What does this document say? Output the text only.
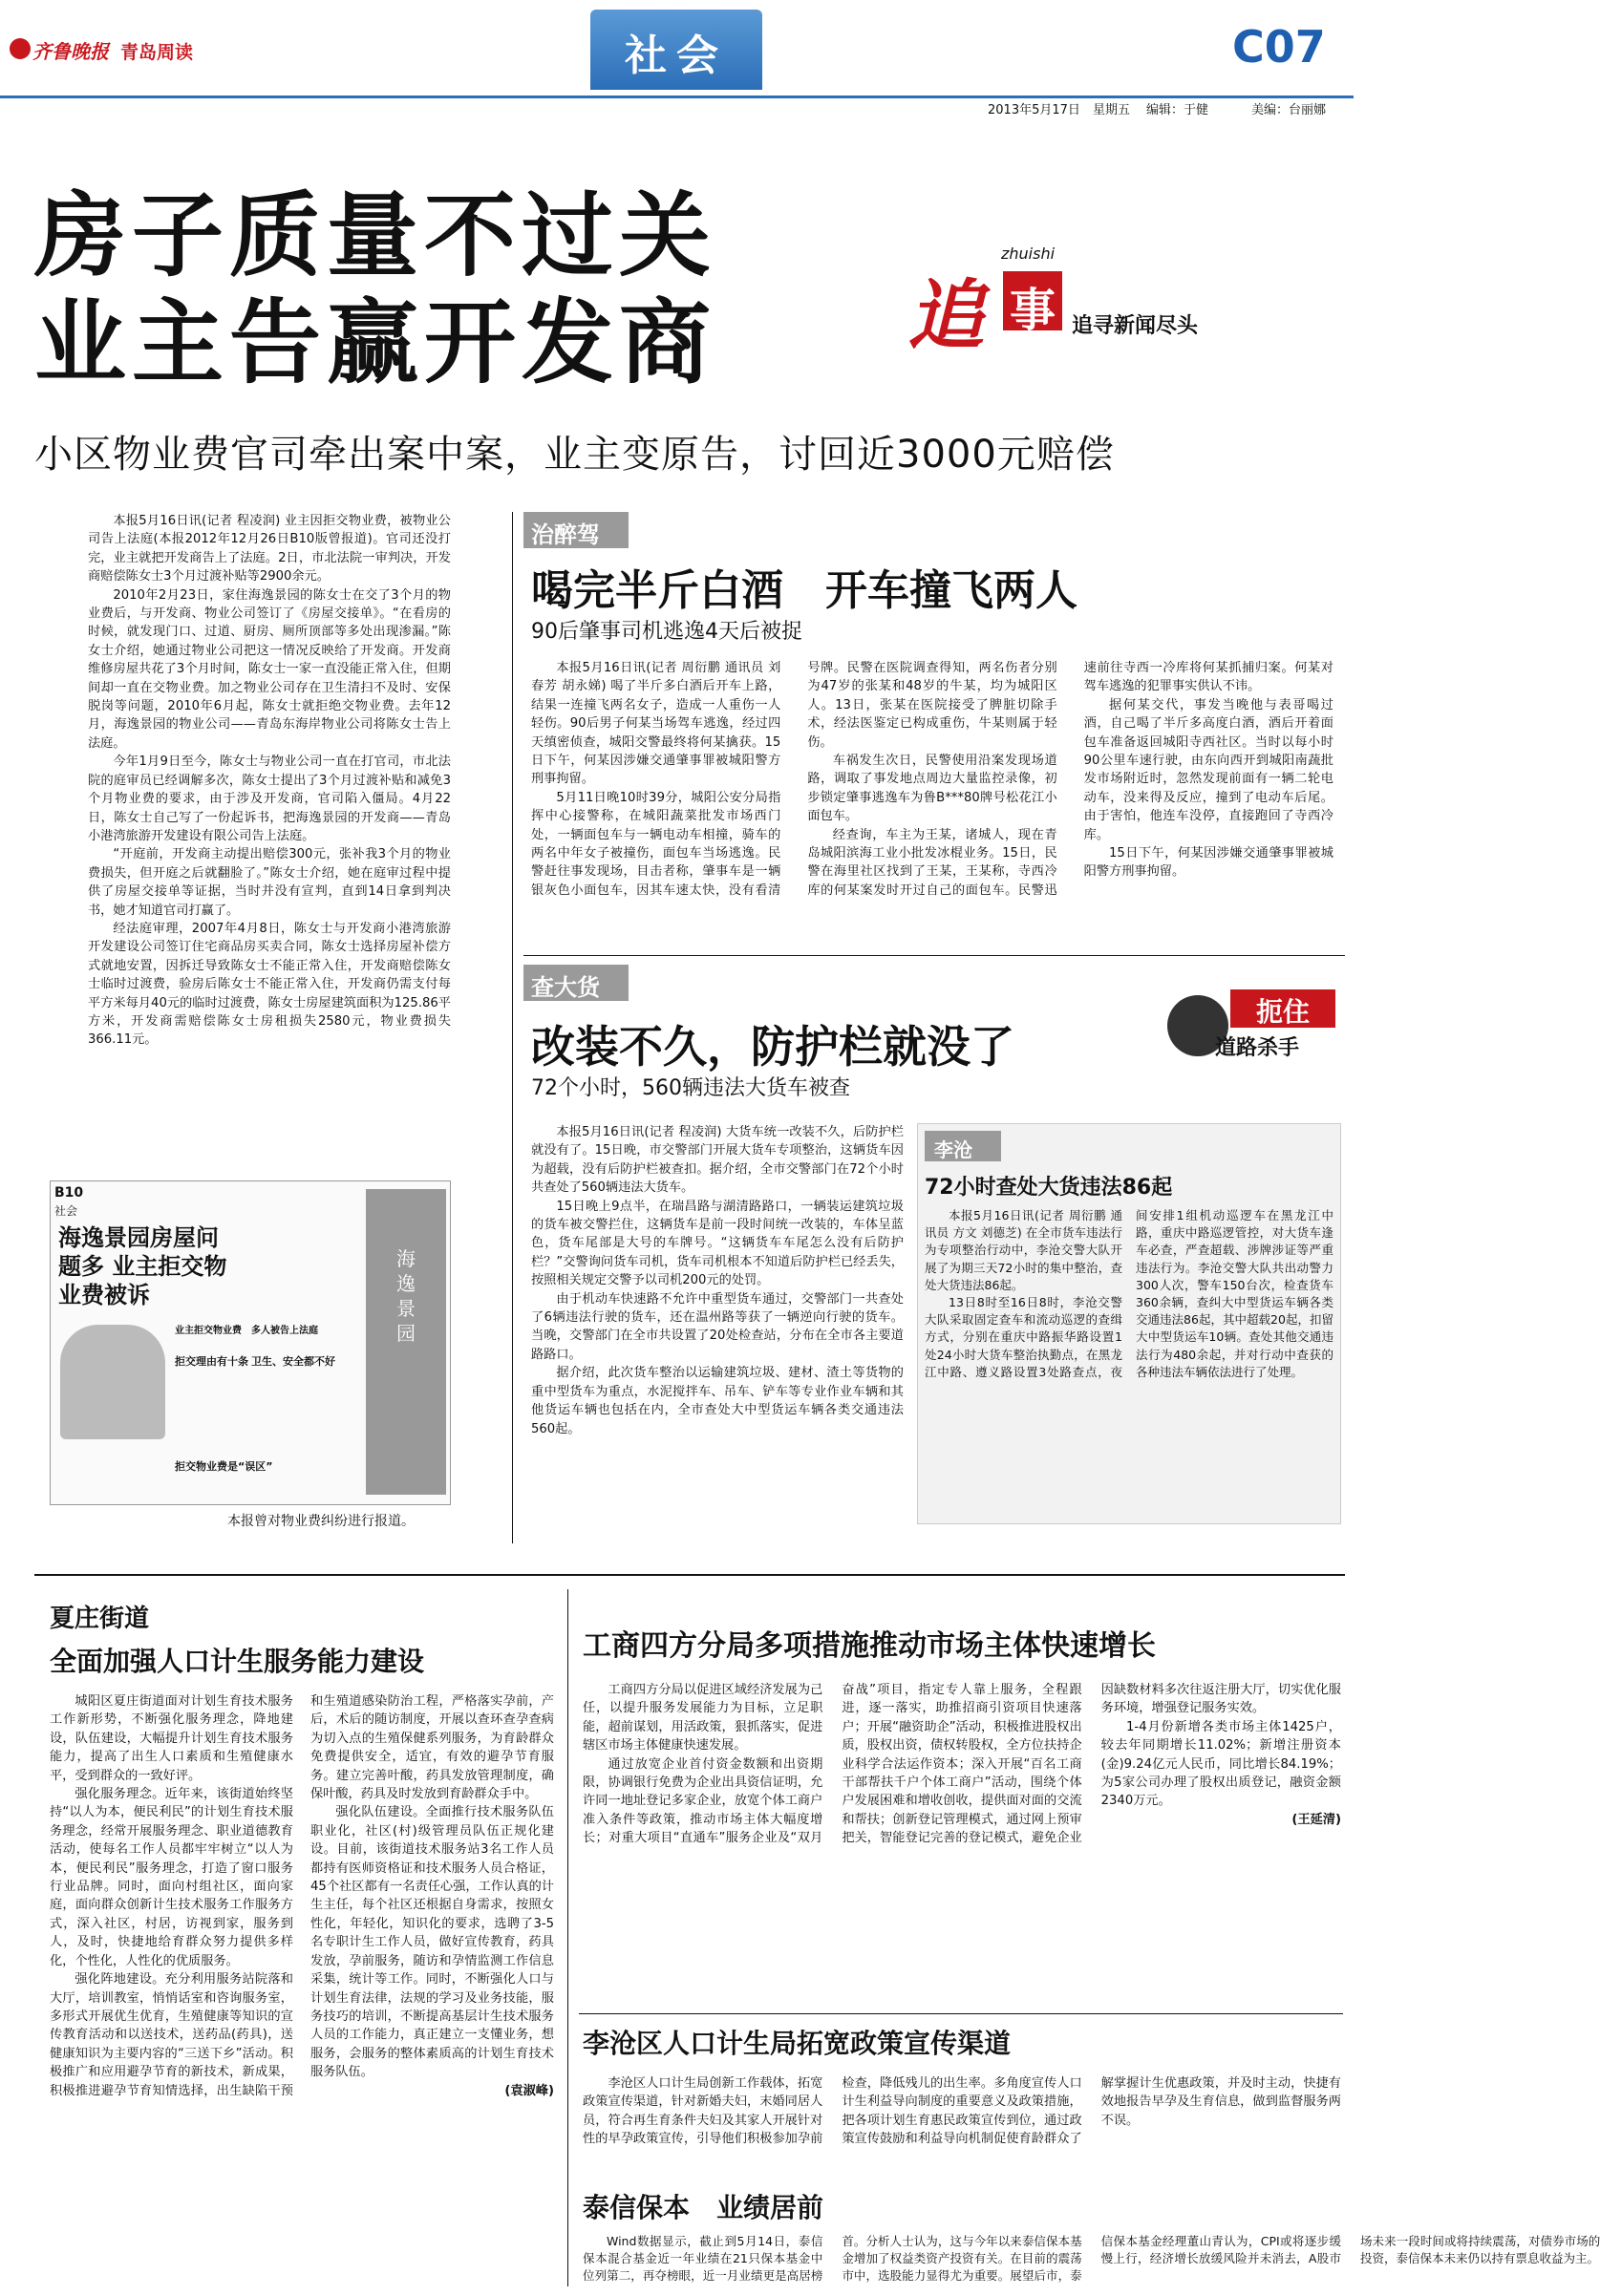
齐鲁晚报 青岛周读	社会	C07
2013年5月17日 星期五 编辑：于健	美编：台丽娜
房子质量不过关
业主告赢开发商
小区物业费官司牵出案中案，业主变原告，讨回近3000元赔偿
zhuishi
追 事 追寻新闻尽头

本报5月16日讯(记者 程凌润) 业主因拒交物业费，被物业公司告上法庭(本报2012年12月26日B10版曾报道)。官司还没打完，业主就把开发商告上了法庭。2日，市北法院一审判决，开发商赔偿陈女士3个月过渡补贴等2900余元。

2010年2月23日，家住海逸景园的陈女士在交了3个月的物业费后，与开发商、物业公司签订了《房屋交接单》。“在看房的时候，就发现门口、过道、厨房、厕所顶部等多处出现渗漏。”陈女士介绍，她通过物业公司把这一情况反映给了开发商。开发商维修房屋共花了3个月时间，陈女士一家一直没能正常入住，但期间却一直在交物业费。加之物业公司存在卫生清扫不及时、安保脱岗等问题，2010年6月起，陈女士就拒绝交物业费。去年12月，海逸景园的物业公司——青岛东海岸物业公司将陈女士告上法庭。

今年1月9日至今，陈女士与物业公司一直在打官司，市北法院的庭审员已经调解多次，陈女士提出了3个月过渡补贴和减免3个月物业费的要求，由于涉及开发商，官司陷入僵局。4月22日，陈女士自己写了一份起诉书，把海逸景园的开发商——青岛小港湾旅游开发建设有限公司告上法庭。

“开庭前，开发商主动提出赔偿300元，张补我3个月的物业费损失，但开庭之后就翻脸了。”陈女士介绍，她在庭审过程中提供了房屋交接单等证据，当时并没有宣判，直到14日拿到判决书，她才知道官司打赢了。

经法庭审理，2007年4月8日，陈女士与开发商小港湾旅游开发建设公司签订住宅商品房买卖合同，陈女士选择房屋补偿方式就地安置，因拆迁导致陈女士不能正常入住，开发商赔偿陈女士临时过渡费，验房后陈女士不能正常入住，开发商仍需支付每平方米每月40元的临时过渡费，陈女士房屋建筑面积为125.86平方米，开发商需赔偿陈女士房租损失2580元，物业费损失366.11元。

B10
社会
海逸景园房屋问题多 业主拒交物业费被诉
业主拒交物业费　多人被告上法庭
拒交理由有十条 卫生、安全都不好
拒交物业费是“误区”
海逸景园
本报曾对物业费纠纷进行报道。
治醉驾
喝完半斤白酒　开车撞飞两人
90后肇事司机逃逸4天后被捉

本报5月16日讯(记者 周衍鹏 通讯员 刘春芳 胡永娣) 喝了半斤多白酒后开车上路，结果一连撞飞两名女子，造成一人重伤一人轻伤。90后男子何某当场驾车逃逸，经过四天缜密侦查，城阳交警最终将何某擒获。15日下午，何某因涉嫌交通肇事罪被城阳警方刑事拘留。

5月11日晚10时39分，城阳公安分局指挥中心接警称，在城阳蔬菜批发市场西门处，一辆面包车与一辆电动车相撞，骑车的两名中年女子被撞伤，面包车当场逃逸。民警赶往事发现场，目击者称，肇事车是一辆银灰色小面包车，因其车速太快，没有看清号牌。民警在医院调查得知，两名伤者分别为47岁的张某和48岁的牛某，均为城阳区人。13日，张某在医院接受了脾脏切除手术，经法医鉴定已构成重伤，牛某则属于轻伤。

车祸发生次日，民警使用沿案发现场道路，调取了事发地点周边大量监控录像，初步锁定肇事逃逸车为鲁B***80牌号松花江小面包车。

经查询，车主为王某，诸城人，现在青岛城阳滨海工业小批发冰棍业务。15日，民警在海里社区找到了王某，王某称，寺西冷库的何某案发时开过自己的面包车。民警迅速前往寺西一冷库将何某抓捕归案。何某对驾车逃逸的犯罪事实供认不讳。

据何某交代，事发当晚他与表哥喝过酒，自己喝了半斤多高度白酒，酒后开着面包车准备返回城阳寺西社区。当时以每小时90公里车速行驶，由东向西开到城阳南蔬批发市场附近时，忽然发现前面有一辆二轮电动车，没来得及反应，撞到了电动车后尾。由于害怕，他连车没停，直接跑回了寺西冷库。

15日下午，何某因涉嫌交通肇事罪被城阳警方刑事拘留。

查大货
改装不久，防护栏就没了
72个小时，560辆违法大货车被查
扼住
道路杀手

本报5月16日讯(记者 程凌润) 大货车统一改装不久，后防护栏就没有了。15日晚，市交警部门开展大货车专项整治，这辆货车因为超载，没有后防护栏被查扣。据介绍，全市交警部门在72个小时共查处了560辆违法大货车。

15日晚上9点半，在瑞昌路与湖清路路口，一辆装运建筑垃圾的货车被交警拦住，这辆货车是前一段时间统一改装的，车体呈蓝色，货车尾部是大号的车牌号。“这辆货车车尾怎么没有后防护栏？”交警询问货车司机，货车司机根本不知道后防护栏已经丢失，按照相关规定交警予以司机200元的处罚。

由于机动车快速路不允许中重型货车通过，交警部门一共查处了6辆违法行驶的货车，还在温州路等获了一辆逆向行驶的货车。当晚，交警部门在全市共设置了20处检查站，分布在全市各主要道路路口。

据介绍，此次货车整治以运输建筑垃圾、建材、渣土等货物的重中型货车为重点，水泥搅拌车、吊车、铲车等专业作业车辆和其他货运车辆也包括在内，全市查处大中型货运车辆各类交通违法560起。

李沧
72小时查处大货违法86起

本报5月16日讯(记者 周衍鹏 通讯员 方文 刘德芝) 在全市货车违法行为专项整治行动中，李沧交警大队开展了为期三天72小时的集中整治，查处大货违法86起。

13日8时至16日8时，李沧交警大队采取固定查车和流动巡逻的查缉方式，分别在重庆中路振华路设置1处24小时大货车整治执勤点，在黑龙江中路、遵义路设置3处路查点，夜间安排1组机动巡逻车在黑龙江中路，重庆中路巡逻管控，对大货车逢车必查，严查超载、涉牌涉证等严重违法行为。李沧交警大队共出动警力300人次，警车150台次，检查货车360余辆，查纠大中型货运车辆各类交通违法86起，其中超载20起，扣留大中型货运车10辆。查处其他交通违法行为480余起，并对行动中查获的各种违法车辆依法进行了处理。

夏庄街道
全面加强人口计生服务能力建设

城阳区夏庄街道面对计划生育技术服务工作新形势，不断强化服务理念，降地建设，队伍建设，大幅提升计划生育技术服务能力，提高了出生人口素质和生殖健康水平，受到群众的一致好评。

强化服务理念。近年来，该街道始终坚持“以人为本，便民利民”的计划生育技术服务理念，经常开展服务理念、职业道德教育活动，使每名工作人员都牢牢树立“以人为本，便民利民”服务理念，打造了窗口服务行业品牌。同时，面向村组社区，面向家庭，面向群众创新计生技术服务工作服务方式，深入社区，村居，访视到家，服务到人，及时，快捷地给育群众努力提供多样化，个性化，人性化的优质服务。

强化阵地建设。充分利用服务站院落和大厅，培训教室，悄悄话室和咨询服务室，多形式开展优生优育，生殖健康等知识的宣传教育活动和以送技术，送药品(药具)，送健康知识为主要内容的“三送下乡”活动。积极推广和应用避孕节育的新技术，新成果，积极推进避孕节育知情选择，出生缺陷干预和生殖道感染防治工程，严格落实孕前，产后，术后的随访制度，开展以查环查孕查病为切入点的生殖保健系列服务，为育龄群众免费提供安全，适宜，有效的避孕节育服务。建立完善叶酸，药具发放管理制度，确保叶酸，药具及时发放到育龄群众手中。

强化队伍建设。全面推行技术服务队伍职业化，社区(村)级管理员队伍正规化建设。目前，该街道技术服务站3名工作人员都持有医师资格证和技术服务人员合格证，45个社区都有一名责任心强，工作认真的计生主任，每个社区还根据自身需求，按照女性化，年轻化，知识化的要求，选聘了3-5名专职计生工作人员，做好宣传教育，药具发放，孕前服务，随访和孕情监测工作信息采集，统计等工作。同时，不断强化人口与计划生育法律，法规的学习及业务技能，服务技巧的培训，不断提高基层计生技术服务人员的工作能力，真正建立一支懂业务，想服务，会服务的整体素质高的计划生育技术服务队伍。

(袁淑峰)
工商四方分局多项措施推动市场主体快速增长

工商四方分局以促进区域经济发展为己任，以提升服务发展能力为目标，立足职能，超前谋划，用活政策，狠抓落实，促进辖区市场主体健康快速发展。

通过放宽企业首付资金数额和出资期限，协调银行免费为企业出具资信证明，允许同一地址登记多家企业，放宽个体工商户准入条件等政策，推动市场主体大幅度增长；对重大项目“直通车”服务企业及“双月奋战”项目，指定专人靠上服务，全程跟进，逐一落实，助推招商引资项目快速落户；开展“融资助企”活动，积极推进股权出质，股权出资，债权转股权，全方位扶持企业科学合法运作资本；深入开展“百名工商干部帮扶千户个体工商户”活动，围绕个体户发展困难和增收创收，提供面对面的交流和帮扶；创新登记管理模式，通过网上预审把关，智能登记完善的登记模式，避免企业因缺数材料多次往返注册大厅，切实优化服务环境，增强登记服务实效。

1-4月份新增各类市场主体1425户，较去年同期增长11.02%；新增注册资本(金)9.24亿元人民币，同比增长84.19%；为5家公司办理了股权出质登记，融资金额2340万元。

(王延清)
李沧区人口计生局拓宽政策宣传渠道

李沧区人口计生局创新工作载体，拓宽政策宣传渠道，针对新婚夫妇，末婚同居人员，符合再生育条件夫妇及其家人开展针对性的早孕政策宣传，引导他们积极参加孕前检查，降低残儿的出生率。多角度宣传人口计生利益导向制度的重要意义及政策措施，把各项计划生育惠民政策宣传到位，通过政策宣传鼓励和利益导向机制促使育龄群众了解掌握计生优惠政策，并及时主动，快捷有效地报告早孕及生育信息，做到监督服务两不误。

泰信保本　业绩居前

Wind数据显示，截止到5月14日，泰信保本混合基金近一年业绩在21只保本基金中位列第二，再夺榜眼，近一月业绩更是高居榜首。分析人士认为，这与今年以来泰信保本基金增加了权益类资产投资有关。在目前的震荡市中，选股能力显得尤为重要。展望后市，泰信保本基金经理董山青认为，CPI或将逐步缓慢上行，经济增长放缓风险并未消去，A股市场未来一段时间或将持续震荡，对债券市场的投资，泰信保本未来仍以持有票息收益为主。
